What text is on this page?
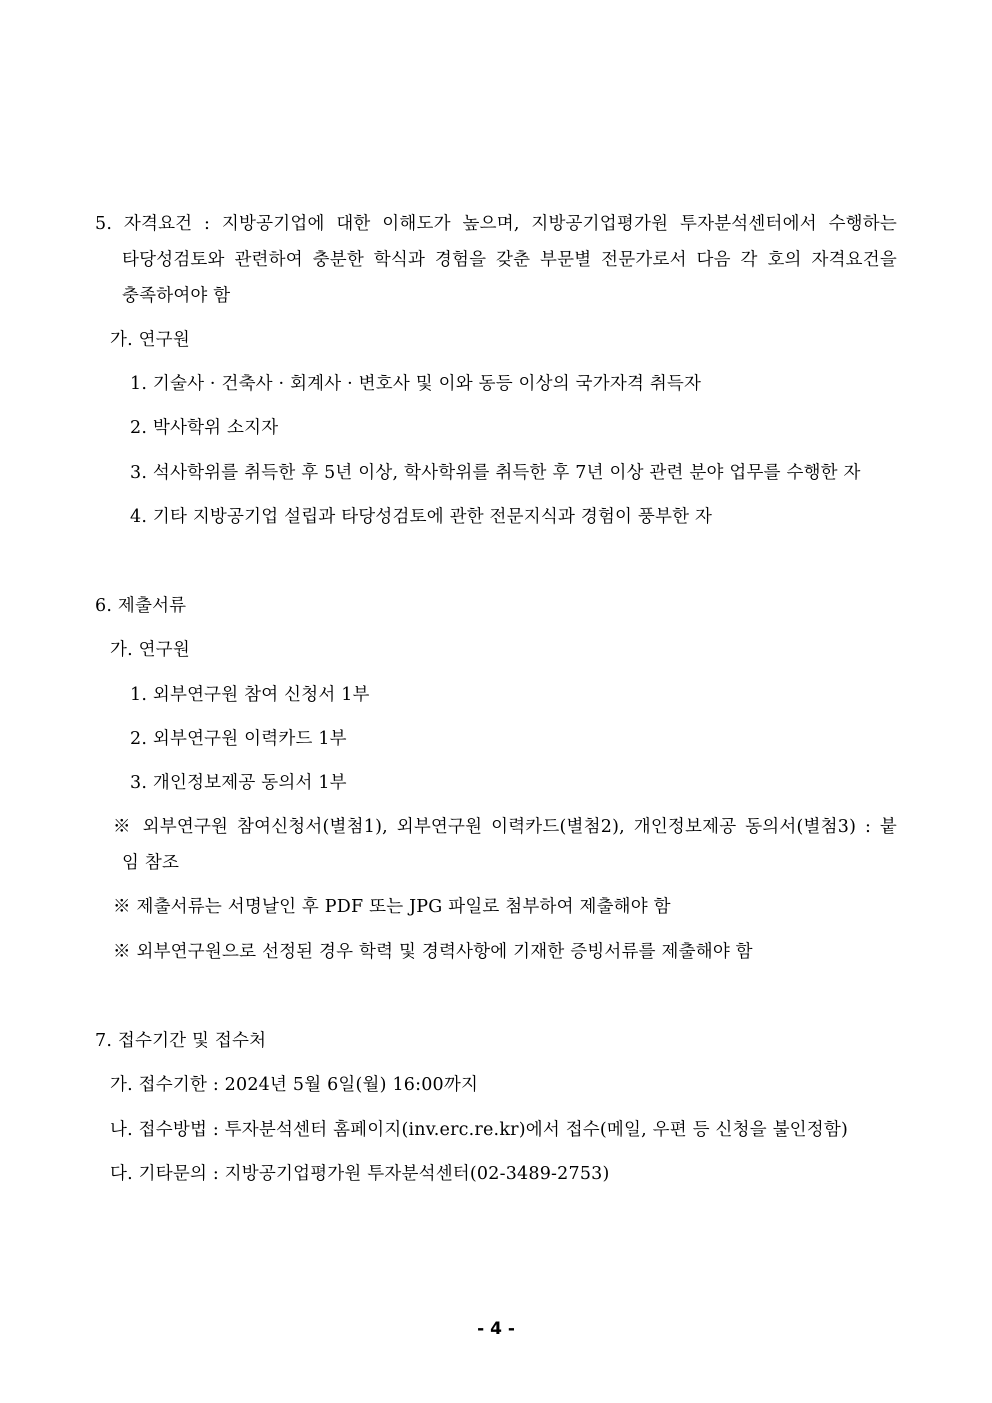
5. 자격요건 : 지방공기업에 대한 이해도가 높으며, 지방공기업평가원 투자분석센터에서 수행하는
타당성검토와 관련하여 충분한 학식과 경험을 갖춘 부문별 전문가로서 다음 각 호의 자격요건을
충족하여야 함
가. 연구원
1. 기술사 · 건축사 · 회계사 · 변호사 및 이와 동등 이상의 국가자격 취득자
2. 박사학위 소지자
3. 석사학위를 취득한 후 5년 이상, 학사학위를 취득한 후 7년 이상 관련 분야 업무를 수행한 자
4. 기타 지방공기업 설립과 타당성검토에 관한 전문지식과 경험이 풍부한 자
6. 제출서류
가. 연구원
1. 외부연구원 참여 신청서 1부
2. 외부연구원 이력카드 1부
3. 개인정보제공 동의서 1부
※ 외부연구원 참여신청서(별첨1), 외부연구원 이력카드(별첨2), 개인정보제공 동의서(별첨3) : 붙
임 참조
※ 제출서류는 서명날인 후 PDF 또는 JPG 파일로 첨부하여 제출해야 함
※ 외부연구원으로 선정된 경우 학력 및 경력사항에 기재한 증빙서류를 제출해야 함
7. 접수기간 및 접수처
가. 접수기한 : 2024년 5월 6일(월) 16:00까지
나. 접수방법 : 투자분석센터 홈페이지(inv.erc.re.kr)에서 접수(메일, 우편 등 신청을 불인정함)
다. 기타문의 : 지방공기업평가원 투자분석센터(02-3489-2753)
- 4 -
